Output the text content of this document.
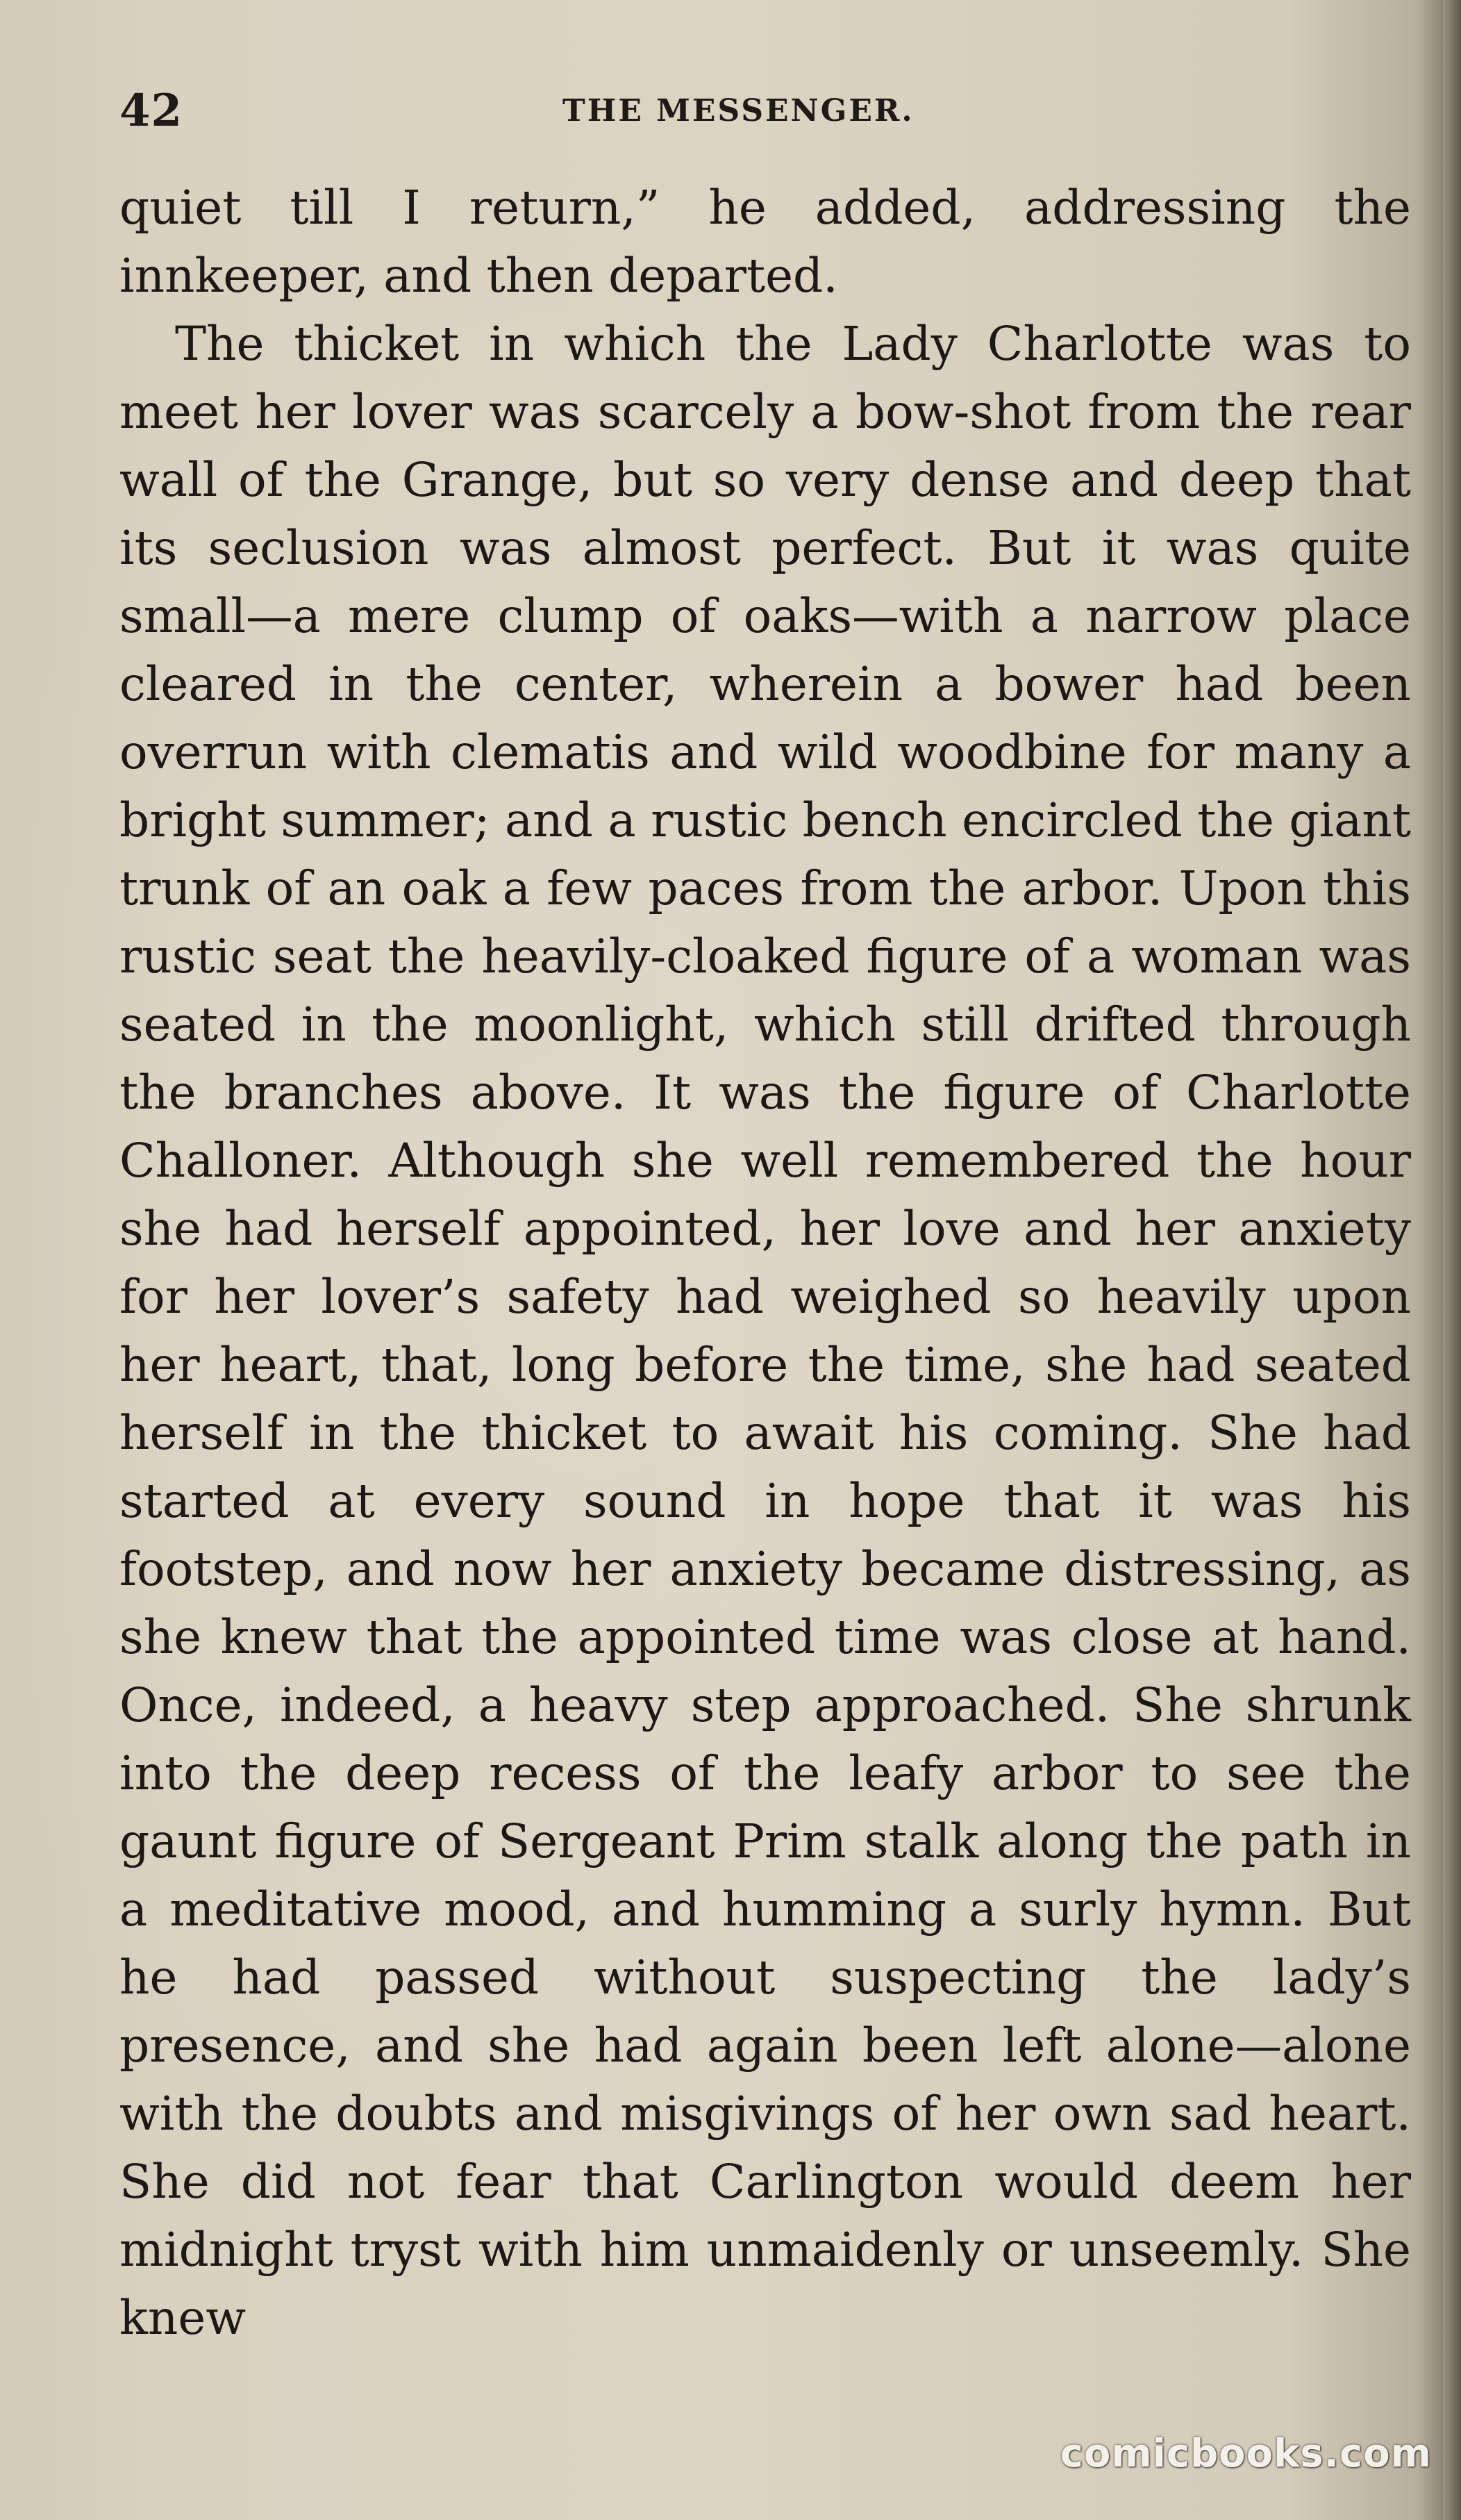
42	THE MESSENGER.

quiet till I return,” he added, addressing the innkeeper, and then departed.

The thicket in which the Lady Charlotte was to meet her lover was scarcely a bow-shot from the rear wall of the Grange, but so very dense and deep that its seclusion was almost perfect. But it was quite small—a mere clump of oaks—with a narrow place cleared in the center, wherein a bower had been overrun with clematis and wild woodbine for many a bright summer; and a rustic bench encircled the giant trunk of an oak a few paces from the arbor. Upon this rustic seat the heavily-cloaked figure of a woman was seated in the moonlight, which still drifted through the branches above. It was the figure of Charlotte Challoner. Although she well remembered the hour she had herself appointed, her love and her anxiety for her lover’s safety had weighed so heavily upon her heart, that, long before the time, she had seated herself in the thicket to await his coming. She had started at every sound in hope that it was his footstep, and now her anxiety became distressing, as she knew that the appointed time was close at hand. Once, indeed, a heavy step approached. She shrunk into the deep recess of the leafy arbor to see the gaunt figure of Sergeant Prim stalk along the path in a meditative mood, and humming a surly hymn. But he had passed without suspecting the lady’s presence, and she had again been left alone—alone with the doubts and misgivings of her own sad heart. She did not fear that Carlington would deem her midnight tryst with him unmaidenly or unseemly. She knew

comicbooks.com
